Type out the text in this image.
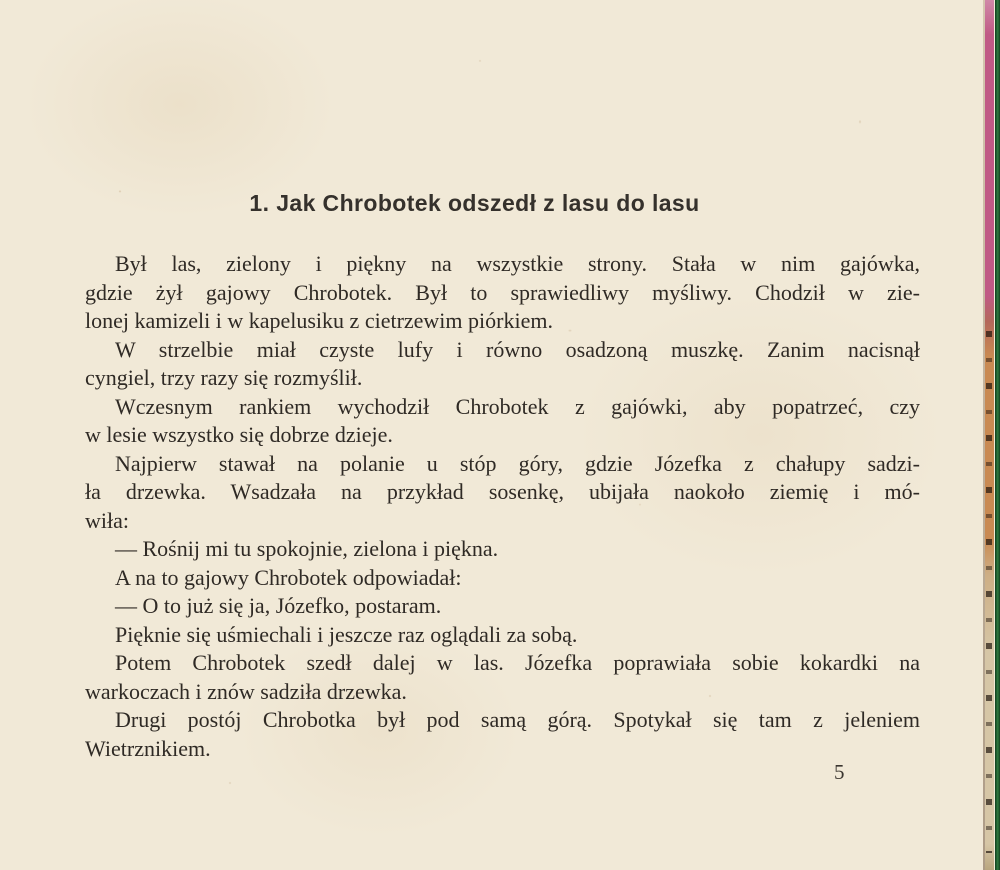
1. Jak Chrobotek odszedł z lasu do lasu
Był las, zielony i piękny na wszystkie strony. Stała w nim gajówka,
gdzie żył gajowy Chrobotek. Był to sprawiedliwy myśliwy. Chodził w zie-
lonej kamizeli i w kapelusiku z cietrzewim piórkiem.
W strzelbie miał czyste lufy i równo osadzoną muszkę. Zanim nacisnął
cyngiel, trzy razy się rozmyślił.
Wczesnym rankiem wychodził Chrobotek z gajówki, aby popatrzeć, czy
w lesie wszystko się dobrze dzieje.
Najpierw stawał na polanie u stóp góry, gdzie Józefka z chałupy sadzi-
ła drzewka. Wsadzała na przykład sosenkę, ubijała naokoło ziemię i mó-
wiła:
— Rośnij mi tu spokojnie, zielona i piękna.
A na to gajowy Chrobotek odpowiadał:
— O to już się ja, Józefko, postaram.
Pięknie się uśmiechali i jeszcze raz oglądali za sobą.
Potem Chrobotek szedł dalej w las. Józefka poprawiała sobie kokardki na
warkoczach i znów sadziła drzewka.
Drugi postój Chrobotka był pod samą górą. Spotykał się tam z jeleniem
Wietrznikiem.
5
